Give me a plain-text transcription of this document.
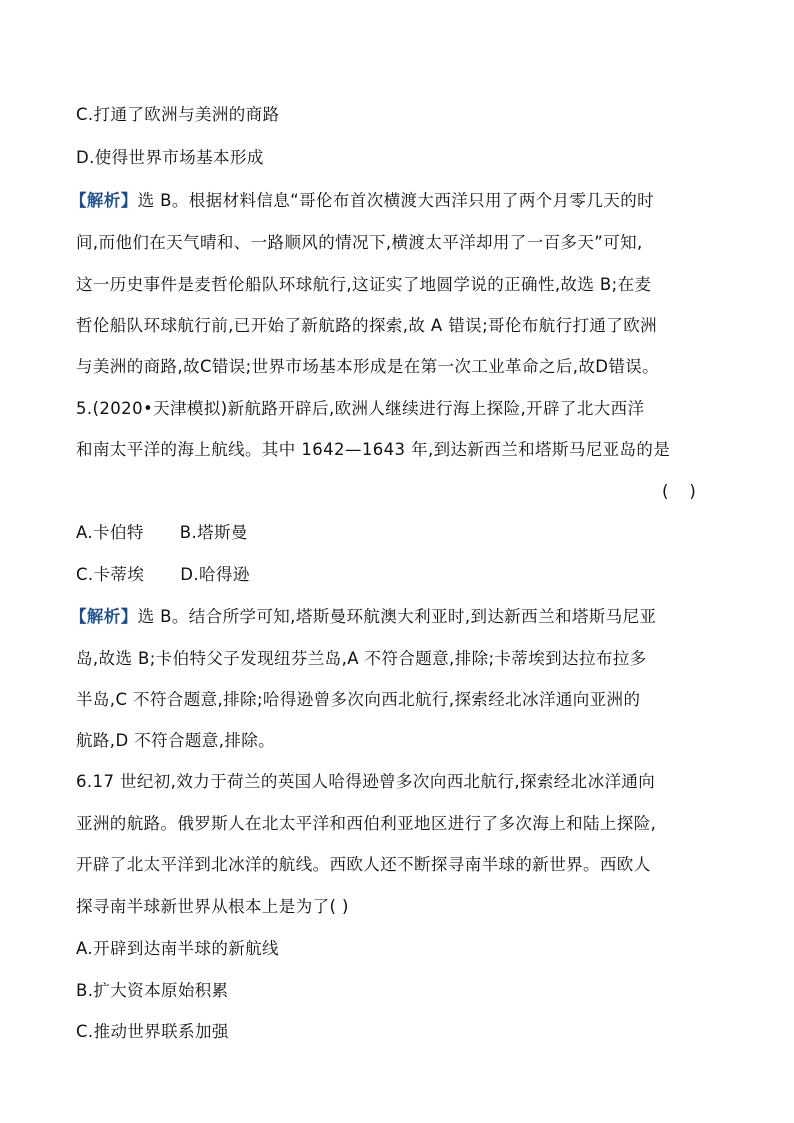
C.打通了欧洲与美洲的商路
D.使得世界市场基本形成
【解析】选 B。根据材料信息“哥伦布首次横渡大西洋只用了两个月零几天的时
间,而他们在天气晴和、一路顺风的情况下,横渡太平洋却用了一百多天”可知,
这一历史事件是麦哲伦船队环球航行,这证实了地圆学说的正确性,故选 B;在麦
哲伦船队环球航行前,已开始了新航路的探索,故 A 错误;哥伦布航行打通了欧洲
与美洲的商路,故C错误;世界市场基本形成是在第一次工业革命之后,故D错误。
5.(2020•天津模拟)新航路开辟后,欧洲人继续进行海上探险,开辟了北大西洋
和南太平洋的海上航线。其中 1642—1643 年,到达新西兰和塔斯马尼亚岛的是
(    )
A.卡伯特 B.塔斯曼
C.卡蒂埃 D.哈得逊
【解析】选 B。结合所学可知,塔斯曼环航澳大利亚时,到达新西兰和塔斯马尼亚
岛,故选 B;卡伯特父子发现纽芬兰岛,A 不符合题意,排除;卡蒂埃到达拉布拉多
半岛,C 不符合题意,排除;哈得逊曾多次向西北航行,探索经北冰洋通向亚洲的
航路,D 不符合题意,排除。
6.17 世纪初,效力于荷兰的英国人哈得逊曾多次向西北航行,探索经北冰洋通向
亚洲的航路。俄罗斯人在北太平洋和西伯利亚地区进行了多次海上和陆上探险,
开辟了北太平洋到北冰洋的航线。西欧人还不断探寻南半球的新世界。西欧人
探寻南半球新世界从根本上是为了( )
A.开辟到达南半球的新航线
B.扩大资本原始积累
C.推动世界联系加强
